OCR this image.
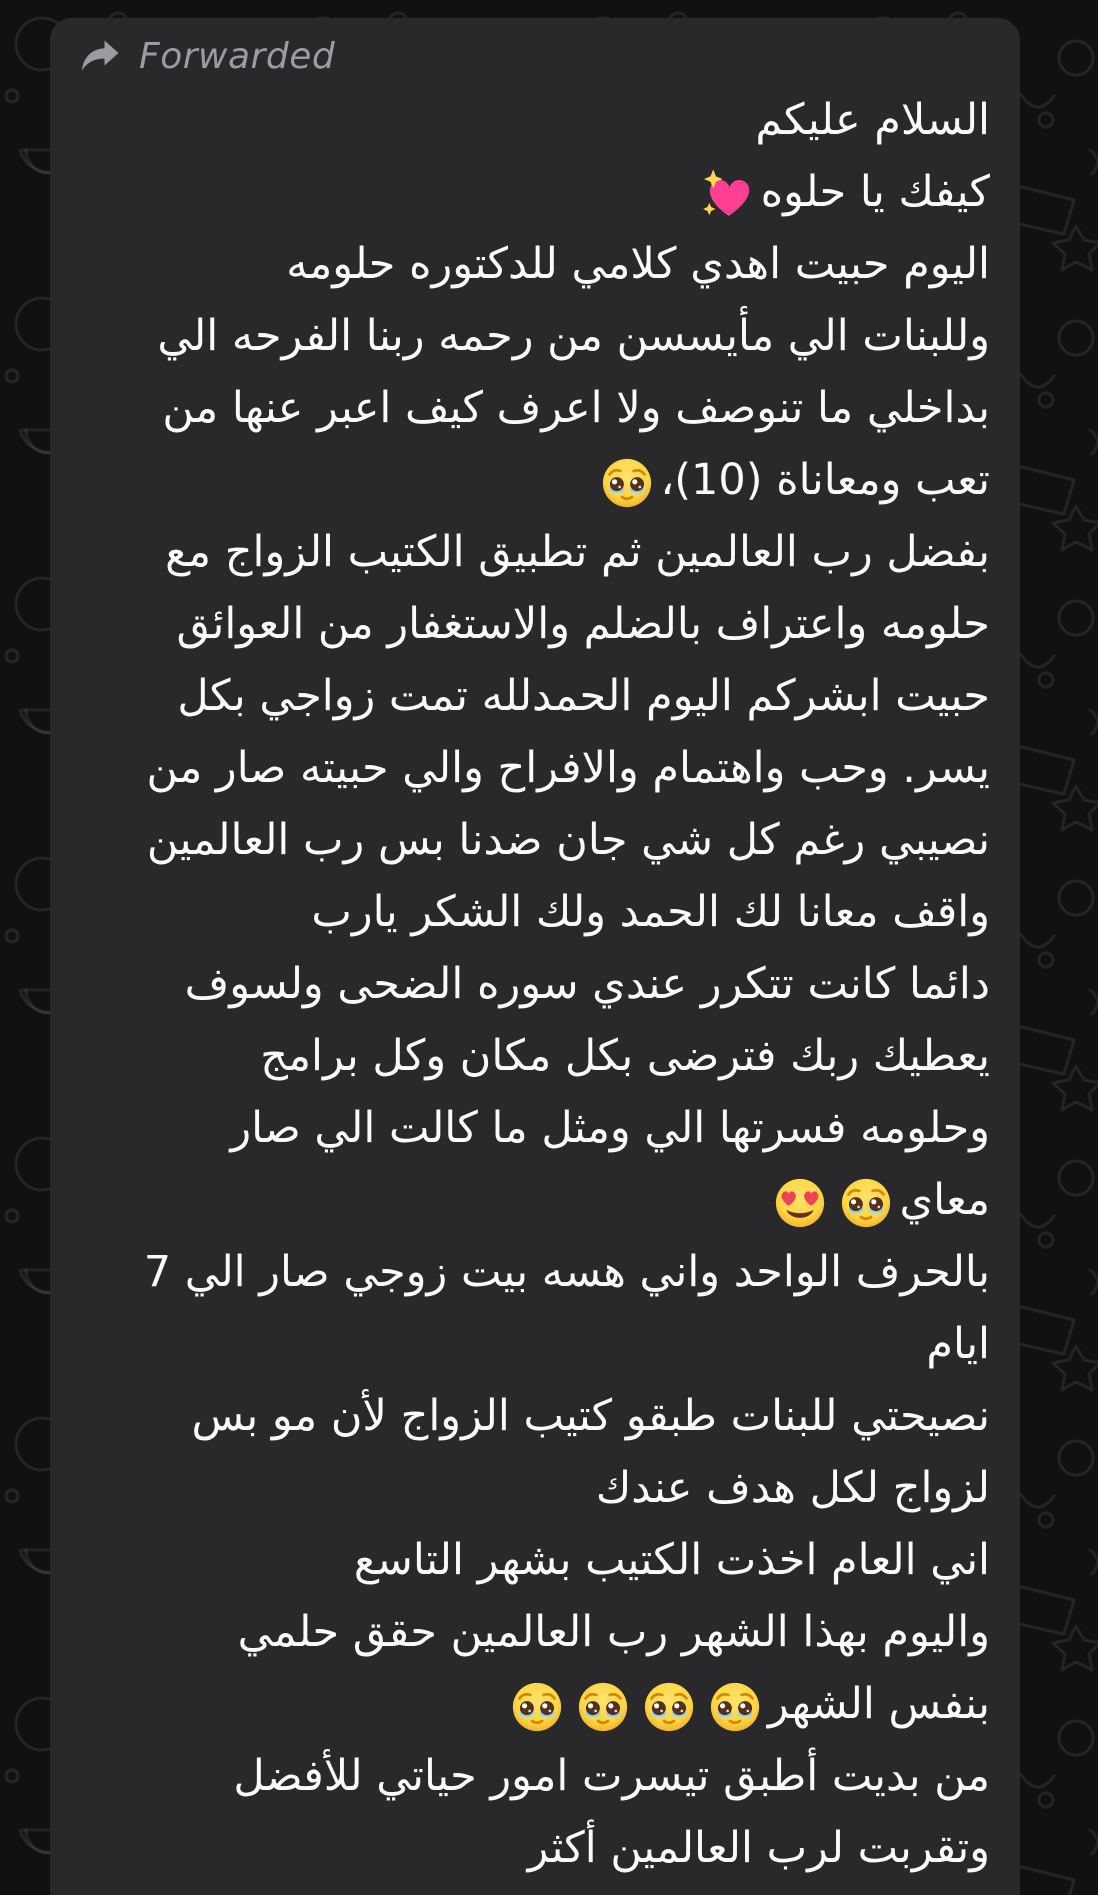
Forwarded
السلام عليكم
كيفك يا حلوه
اليوم حبيت اهدي كلامي للدكتوره حلومه
وللبنات الي مأيسسن من رحمه ربنا الفرحه الي
بداخلي ما تنوصف ولا اعرف كيف اعبر عنها من
تعب ومعاناة (10)،
بفضل رب العالمين ثم تطبيق الكتيب الزواج مع
حلومه واعتراف بالضلم والاستغفار من العوائق
حبيت ابشركم اليوم الحمدلله تمت زواجي بكل
يسر. وحب واهتمام والافراح والي حبيته صار من
نصيبي رغم كل شي جان ضدنا بس رب العالمين
واقف معانا لك الحمد ولك الشكر يارب
دائما كانت تتكرر عندي سوره الضحى ولسوف
يعطيك ربك فترضى بكل مكان وكل برامج
وحلومه فسرتها الي ومثل ما كالت الي صار
معاي
بالحرف الواحد واني هسه بيت زوجي صار الي 7
ايام
نصيحتي للبنات طبقو كتيب الزواج لأن مو بس
لزواج لكل هدف عندك
اني العام اخذت الكتيب بشهر التاسع
واليوم بهذا الشهر رب العالمين حقق حلمي
بنفس الشهر
من بديت أطبق تيسرت امور حياتي للأفضل
وتقربت لرب العالمين أكثر
